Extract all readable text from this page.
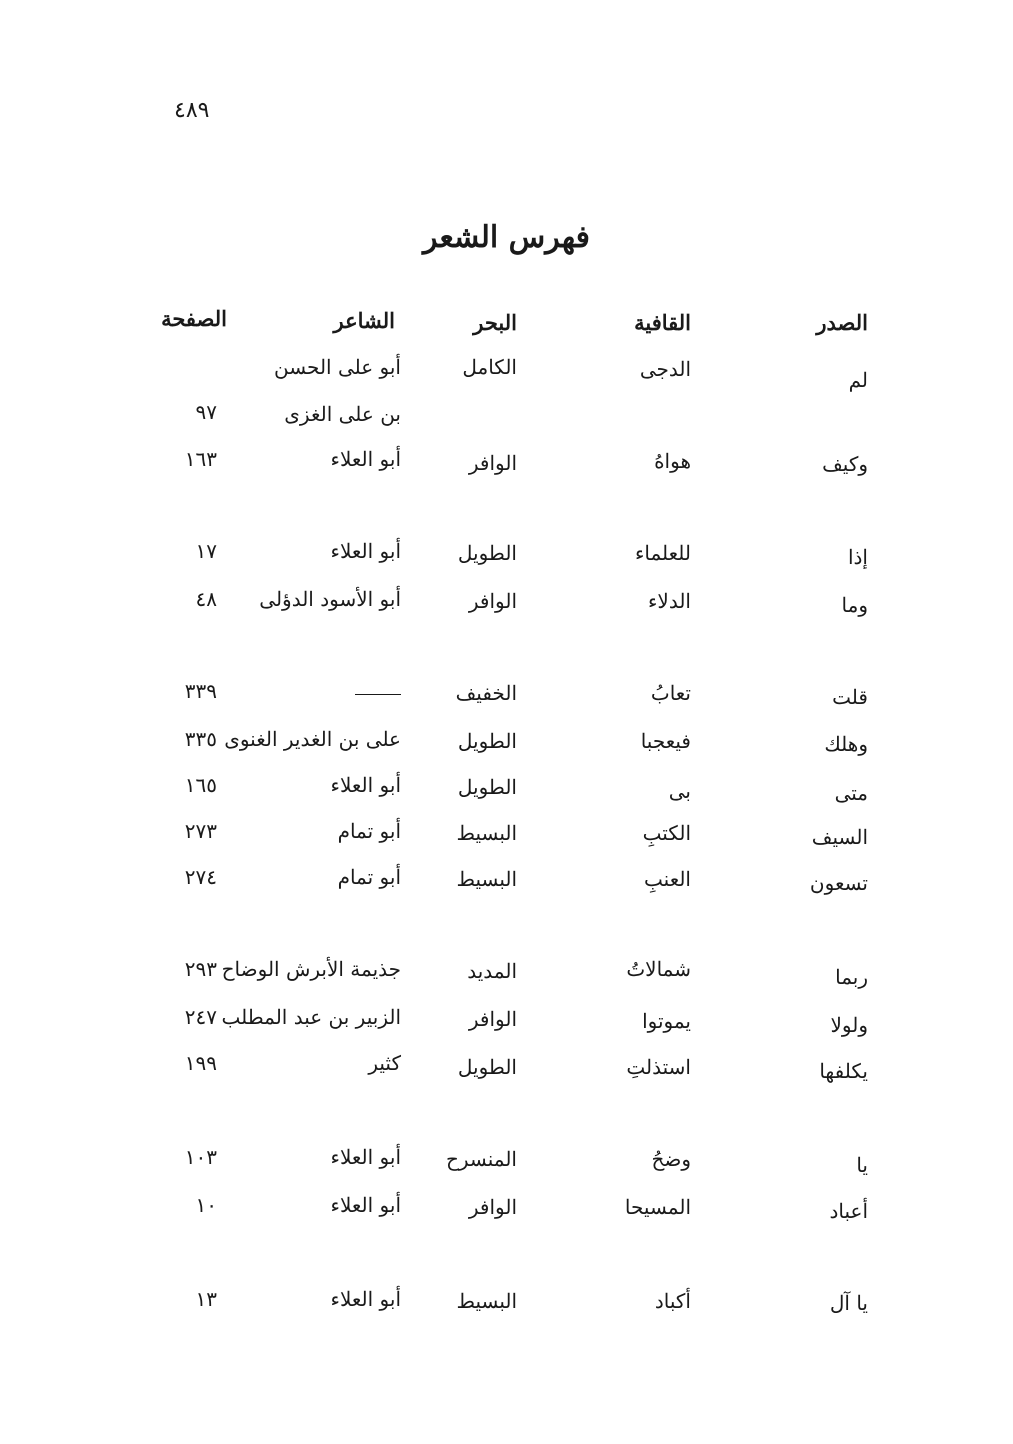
٤٨٩
فهرس الشعر
الصدر
القافية
البحر
الشاعر
الصفحة
لم
الدجى
الكامل
أبو على الحسن
بن على الغزى
٩٧
وكيف
هواهُ
الوافر
أبو العلاء
١٦٣
إذا
للعلماء
الطويل
أبو العلاء
١٧
وما
الدلاء
الوافر
أبو الأسود الدؤلى
٤٨
قلت
تعابُ
الخفيف
٣٣٩
وهلك
فيعجبا
الطويل
على بن الغدير الغنوى
٣٣٥
متى
بى
الطويل
أبو العلاء
١٦٥
السيف
الكتبِ
البسيط
أبو تمام
٢٧٣
تسعون
العنبِ
البسيط
أبو تمام
٢٧٤
ربما
شمالاتُ
المديد
جذيمة الأبرش الوضاح
٢٩٣
ولولا
يموتوا
الوافر
الزبير بن عبد المطلب
٢٤٧
يكلفها
استذلتِ
الطويل
كثير
١٩٩
يا
وضحُ
المنسرح
أبو العلاء
١٠٣
أعباد
المسيحا
الوافر
أبو العلاء
١٠
يا آل
أكباد
البسيط
أبو العلاء
١٣
